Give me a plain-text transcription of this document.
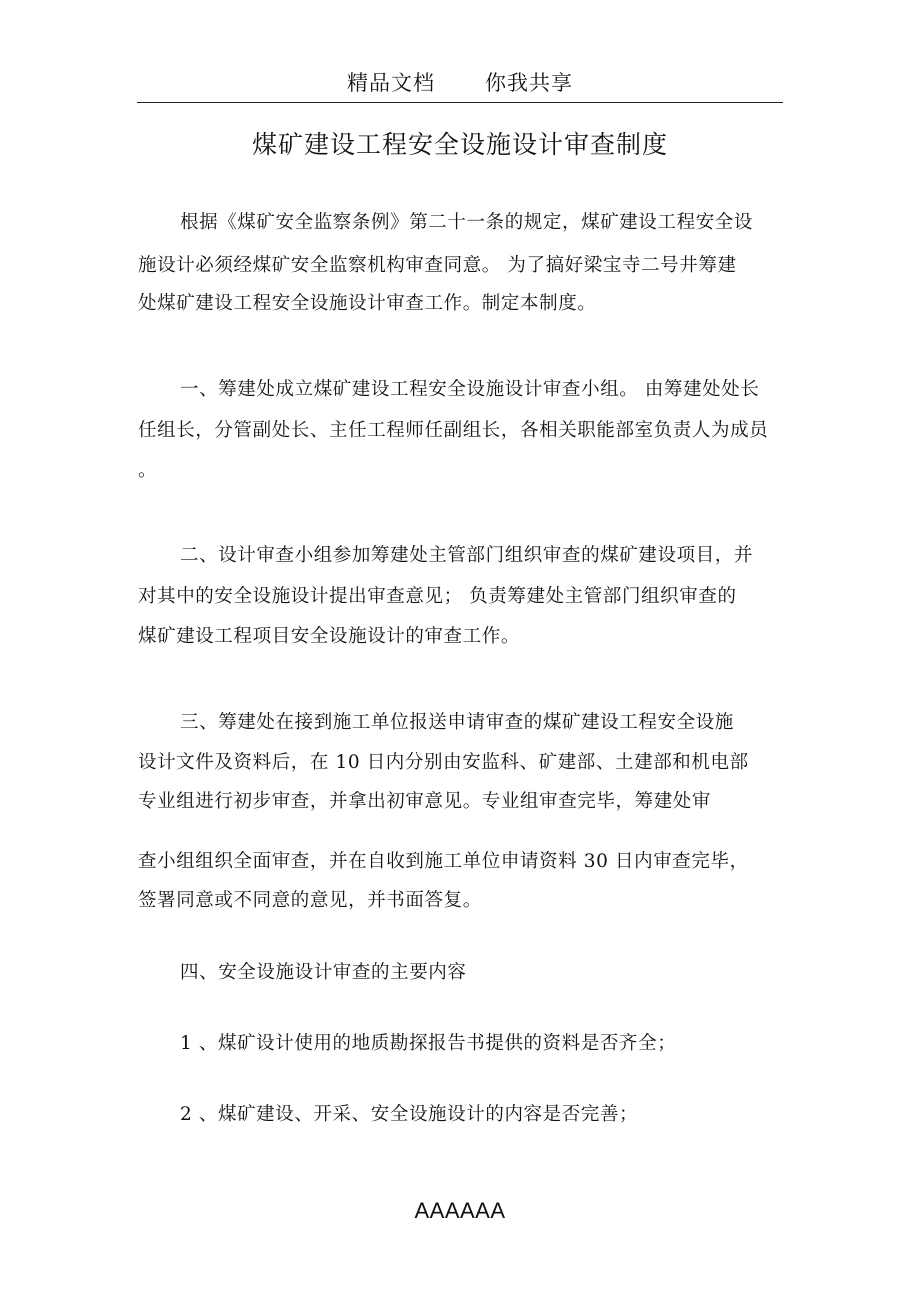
精品文档 你我共享
煤矿建设工程安全设施设计审查制度
根据《煤矿安全监察条例》第二十一条的规定，煤矿建设工程安全设
施设计必须经煤矿安全监察机构审查同意。 为了搞好梁宝寺二号井筹建
处煤矿建设工程安全设施设计审查工作。制定本制度。
一、筹建处成立煤矿建设工程安全设施设计审查小组。 由筹建处处长
任组长，分管副处长、主任工程师任副组长，各相关职能部室负责人为成员
。
二、设计审查小组参加筹建处主管部门组织审查的煤矿建设项目，并
对其中的安全设施设计提出审查意见； 负责筹建处主管部门组织审查的
煤矿建设工程项目安全设施设计的审查工作。
三、筹建处在接到施工单位报送申请审查的煤矿建设工程安全设施
设计文件及资料后，在 10 日内分别由安监科、矿建部、土建部和机电部
专业组进行初步审查，并拿出初审意见。专业组审查完毕，筹建处审
查小组组织全面审查，并在自收到施工单位申请资料 30 日内审查完毕，
签署同意或不同意的意见，并书面答复。
四、安全设施设计审查的主要内容
1 、煤矿设计使用的地质勘探报告书提供的资料是否齐全；
2 、煤矿建设、开采、安全设施设计的内容是否完善；
AAAAAA
